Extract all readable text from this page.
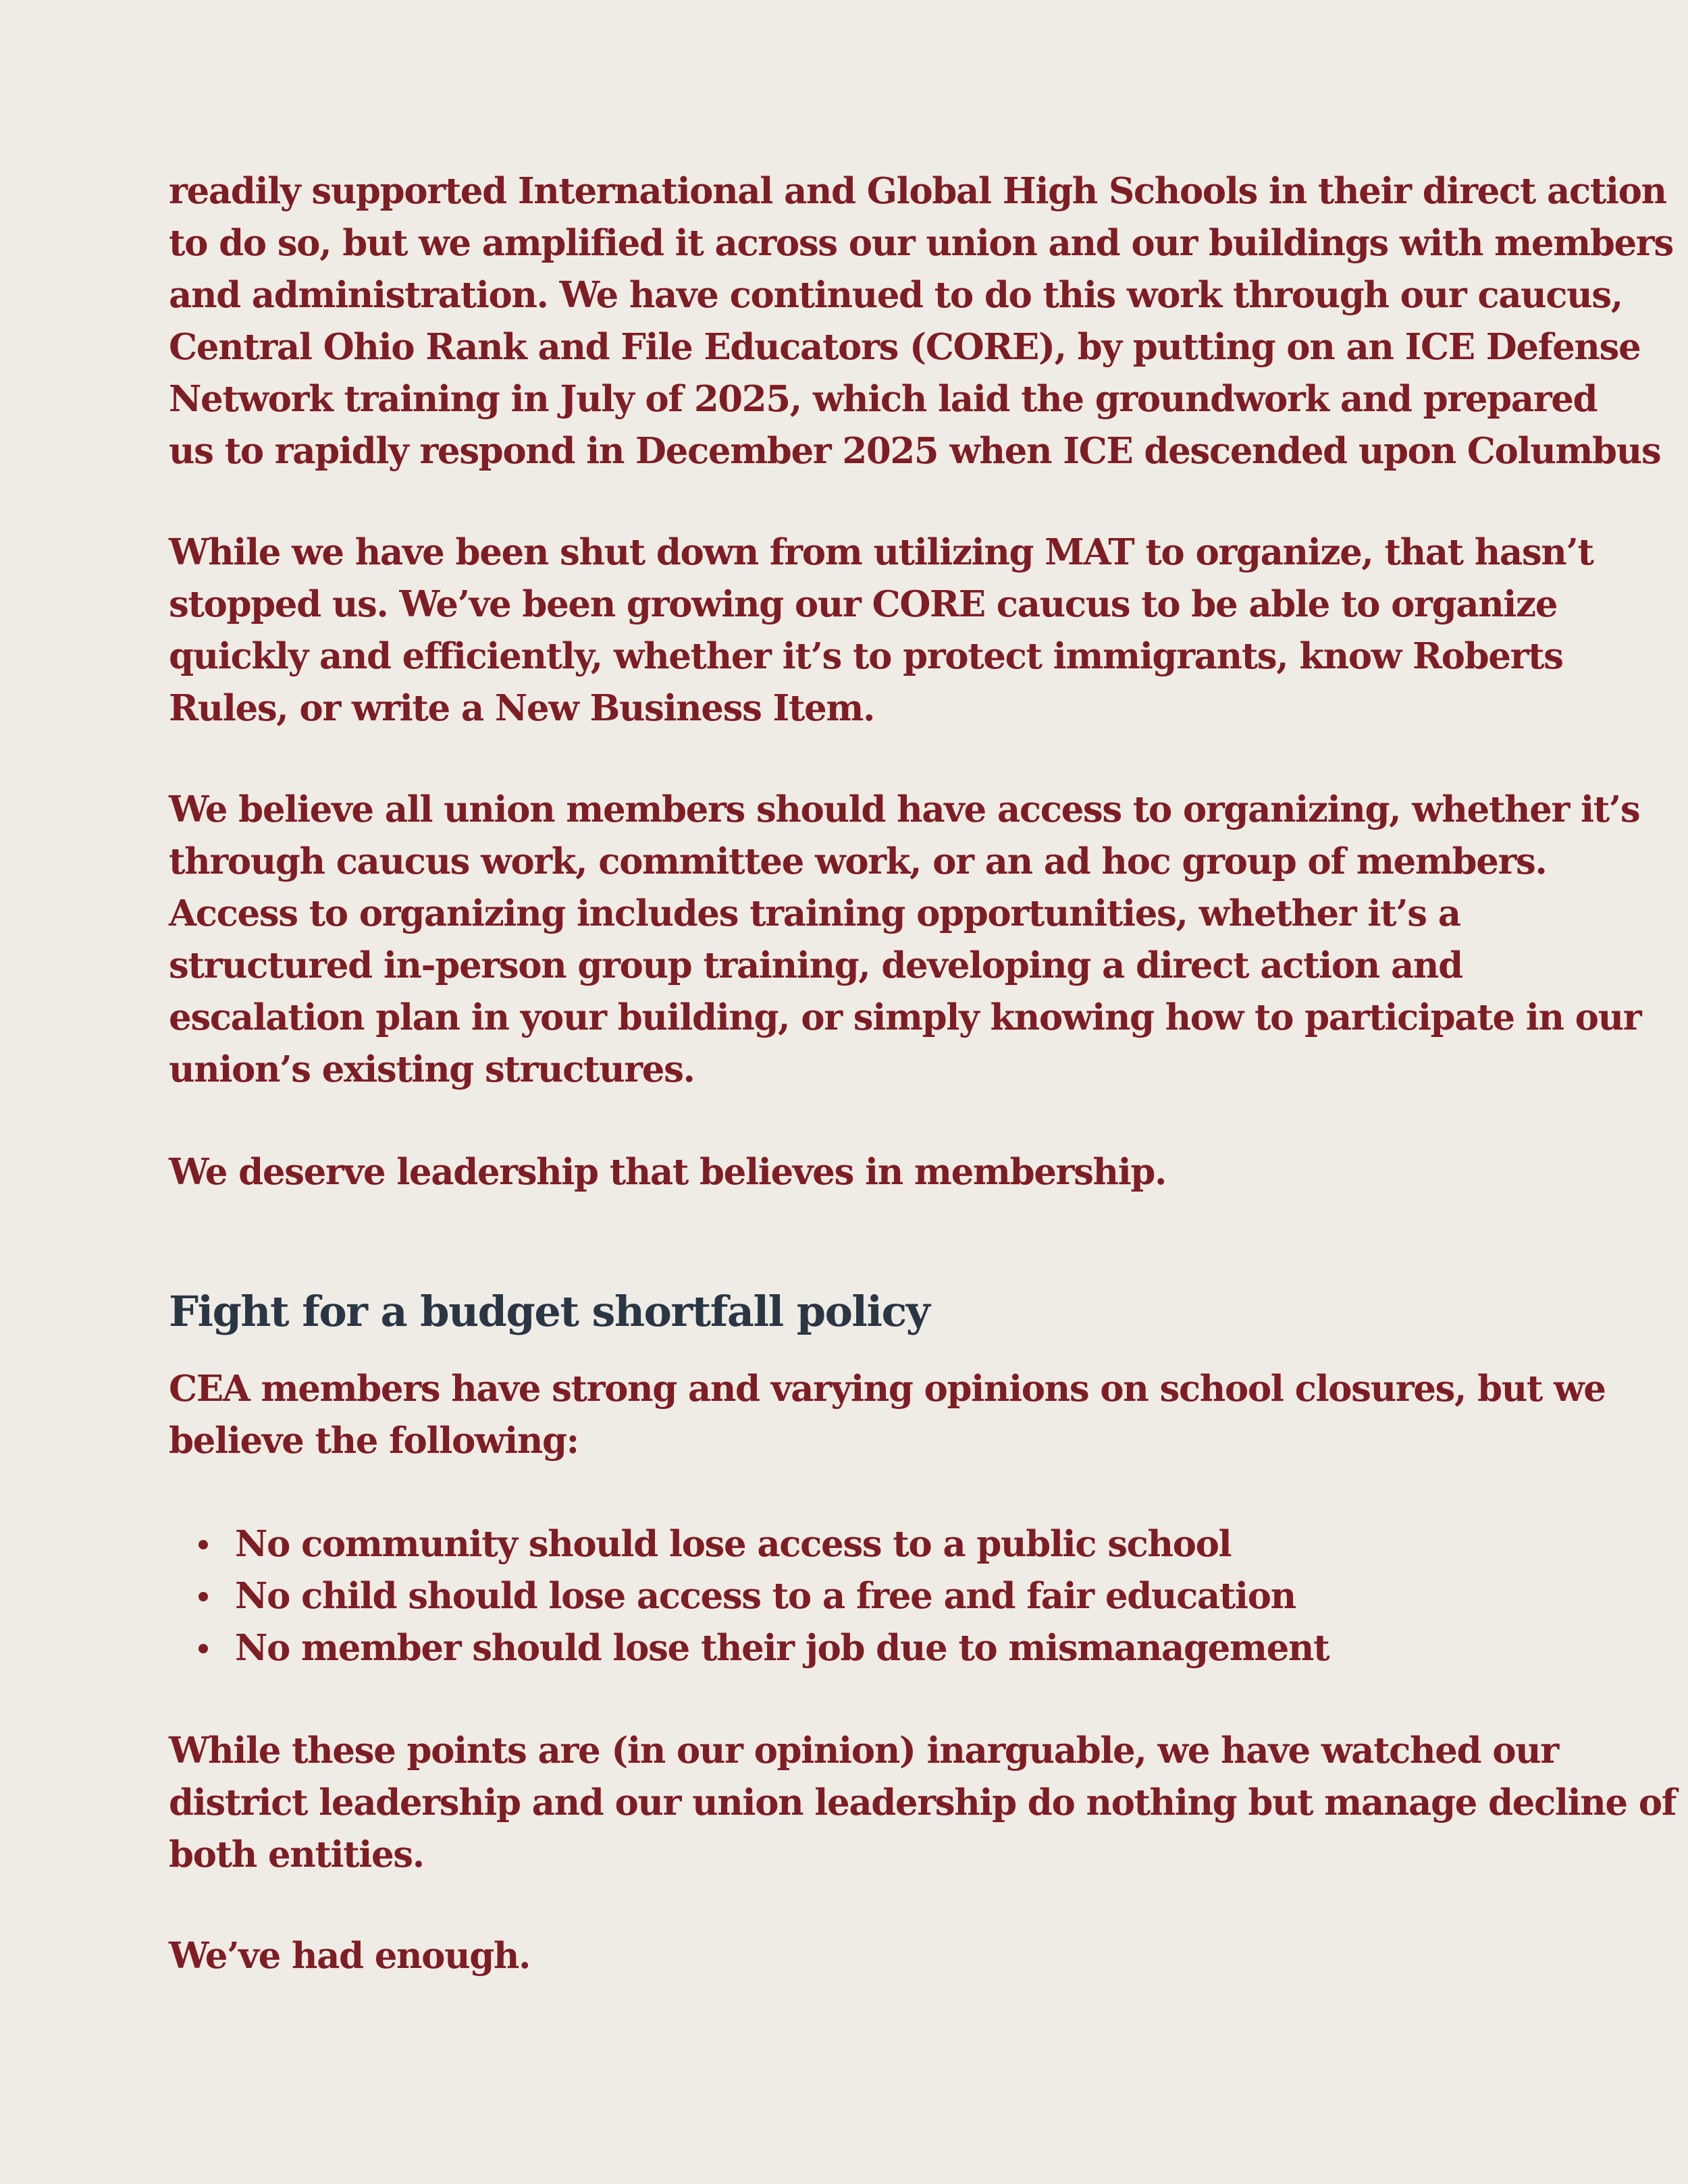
readily supported International and Global High Schools in their direct action
to do so, but we amplified it across our union and our buildings with members
and administration. We have continued to do this work through our caucus,
Central Ohio Rank and File Educators (CORE), by putting on an ICE Defense
Network training in July of 2025, which laid the groundwork and prepared
us to rapidly respond in December 2025 when ICE descended upon Columbus
While we have been shut down from utilizing MAT to organize, that hasn’t
stopped us. We’ve been growing our CORE caucus to be able to organize
quickly and efficiently, whether it’s to protect immigrants, know Roberts
Rules, or write a New Business Item.
We believe all union members should have access to organizing, whether it’s
through caucus work, committee work, or an ad hoc group of members.
Access to organizing includes training opportunities, whether it’s a
structured in-person group training, developing a direct action and
escalation plan in your building, or simply knowing how to participate in our
union’s existing structures.
We deserve leadership that believes in membership.
Fight for a budget shortfall policy
CEA members have strong and varying opinions on school closures, but we
believe the following:
No community should lose access to a public school
No child should lose access to a free and fair education
No member should lose their job due to mismanagement
While these points are (in our opinion) inarguable, we have watched our
district leadership and our union leadership do nothing but manage decline of
both entities.
We’ve had enough.
